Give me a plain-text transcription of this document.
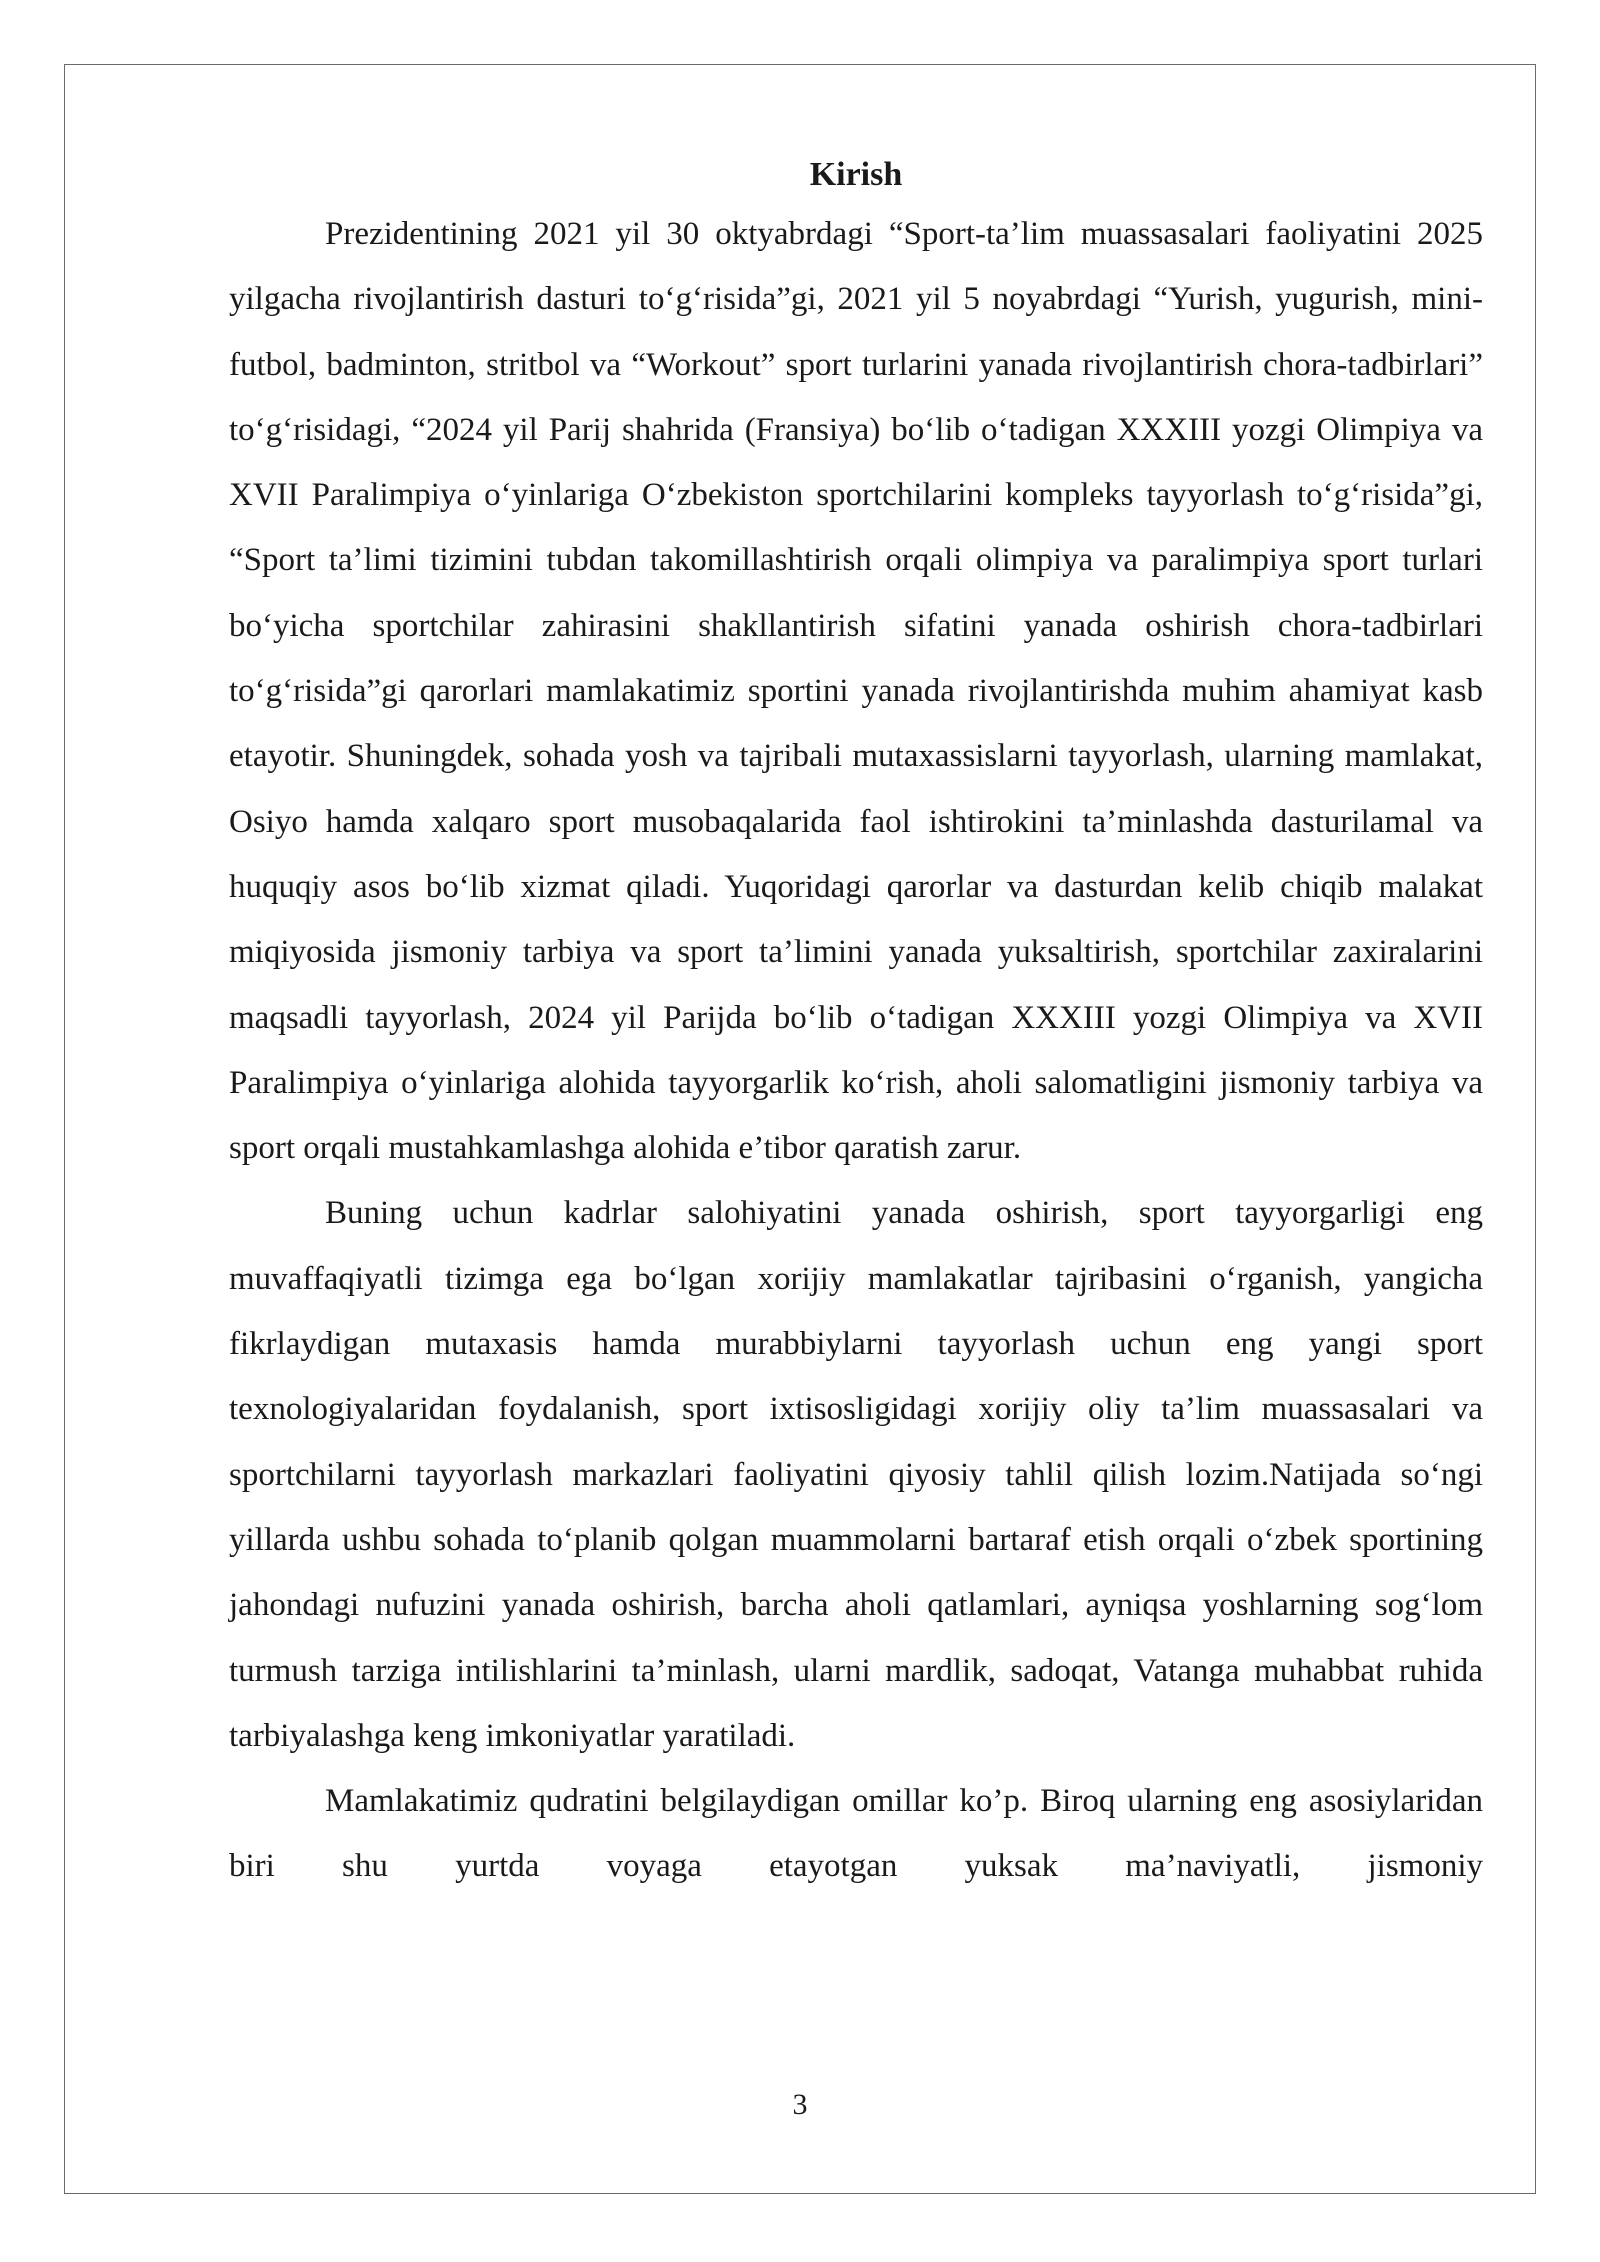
Kirish

Prezidentining 2021 yil 30 oktyabrdagi “Sport-ta’lim muassasalari faoliyatini 2025 yilgacha rivojlantirish dasturi to‘g‘risida”gi, 2021 yil 5 noyabrdagi “Yurish, yugurish, mini-futbol, badminton, stritbol va “Workout” sport turlarini yanada rivojlantirish chora-tadbirlari” to‘g‘risidagi, “2024 yil Parij shahrida (Fransiya) bo‘lib o‘tadigan XXXIII yozgi Olimpiya va XVII Paralimpiya o‘yinlariga O‘zbekiston sportchilarini kompleks tayyorlash to‘g‘risida”gi, “Sport ta’limi tizimini tubdan takomillashtirish orqali olimpiya va paralimpiya sport turlari bo‘yicha sportchilar zahirasini shakllantirish sifatini yanada oshirish chora-tadbirlari to‘g‘risida”gi qarorlari mamlakatimiz sportini yanada rivojlantirishda muhim ahamiyat kasb etayotir. Shuningdek, sohada yosh va tajribali mutaxassislarni tayyorlash, ularning mamlakat, Osiyo hamda xalqaro sport musobaqalarida faol ishtirokini ta’minlashda dasturilamal va huquqiy asos bo‘lib xizmat qiladi. Yuqoridagi qarorlar va dasturdan kelib chiqib malakat miqiyosida jismoniy tarbiya va sport ta’limini yanada yuksaltirish, sportchilar zaxiralarini maqsadli tayyorlash, 2024 yil Parijda bo‘lib o‘tadigan XXXIII yozgi Olimpiya va XVII Paralimpiya o‘yinlariga alohida tayyorgarlik ko‘rish, aholi salomatligini jismoniy tarbiya va sport orqali mustahkamlashga alohida e’tibor qaratish zarur.

Buning uchun kadrlar salohiyatini yanada oshirish, sport tayyorgarligi eng muvaffaqiyatli tizimga ega bo‘lgan xorijiy mamlakatlar tajribasini o‘rganish, yangicha fikrlaydigan mutaxasis hamda murabbiylarni tayyorlash uchun eng yangi sport texnologiyalaridan foydalanish, sport ixtisosligidagi xorijiy oliy ta’lim muassasalari va sportchilarni tayyorlash markazlari faoliyatini qiyosiy tahlil qilish lozim.Natijada so‘ngi yillarda ushbu sohada to‘planib qolgan muammolarni bartaraf etish orqali o‘zbek sportining jahondagi nufuzini yanada oshirish, barcha aholi qatlamlari, ayniqsa yoshlarning sog‘lom turmush tarziga intilishlarini ta’minlash, ularni mardlik, sadoqat, Vatanga muhabbat ruhida tarbiyalashga keng imkoniyatlar yaratiladi.

Mamlakatimiz qudratini belgilaydigan omillar ko’p. Biroq ularning eng asosiylaridan biri shu yurtda voyaga etayotgan yuksak ma’naviyatli, jismoniy

3
